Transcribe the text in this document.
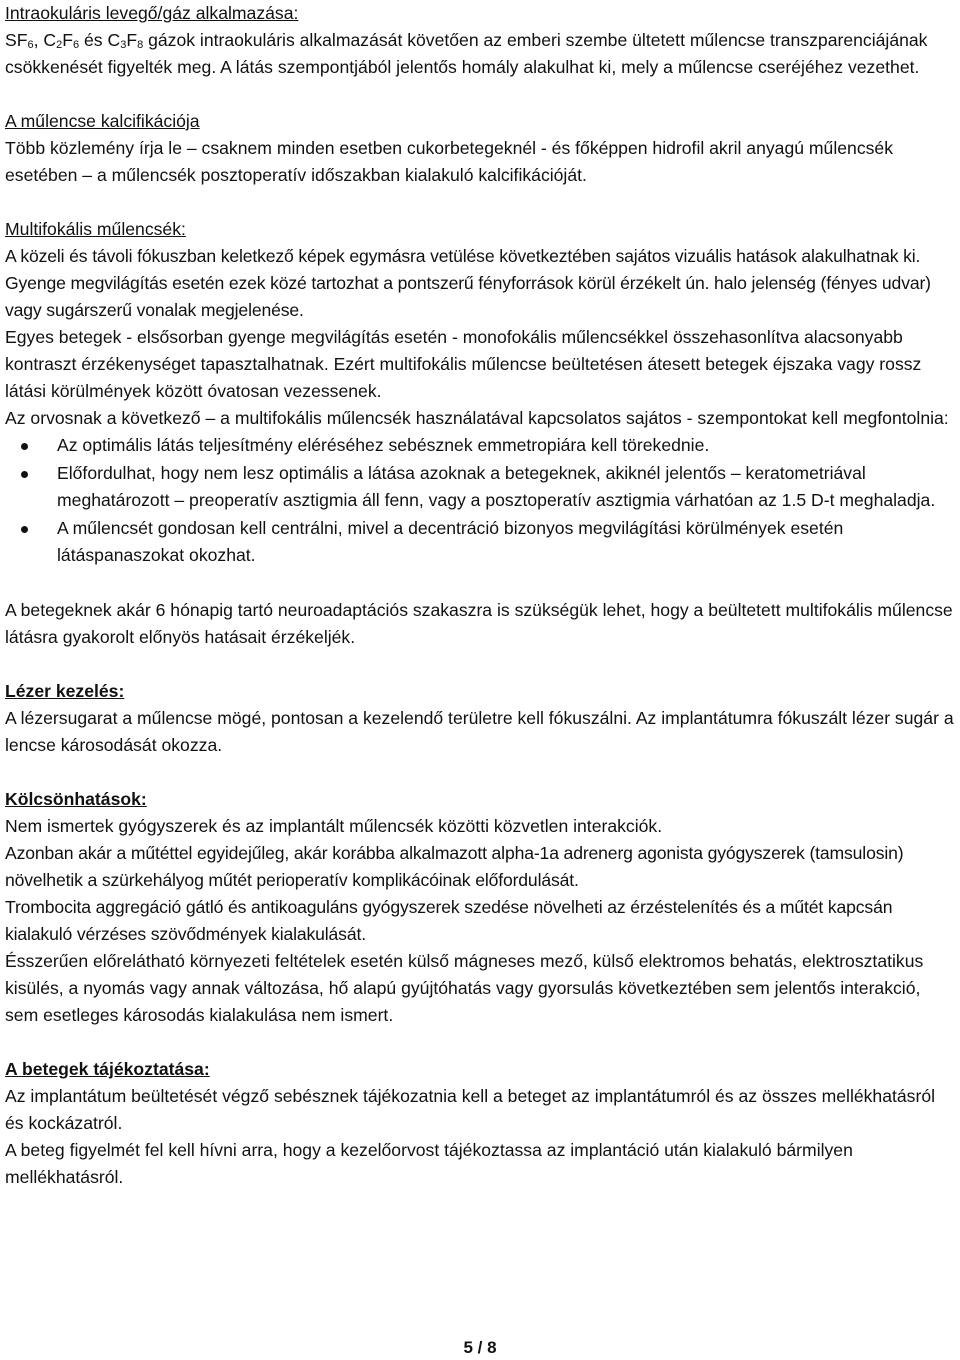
Intraokuláris levegő/gáz alkalmazása:
$SF_6$, $C_2F_6$ és $C_3F_8$ gázok intraokuláris alkalmazását követően az emberi szembe ültetett műlencse transzparenciájának csökkenését figyelték meg. A látás szempontjából jelentős homály alakulhat ki, mely a műlencse cseréjéhez vezethet.
A műlencse kalcifikációja
Több közlemény írja le – csaknem minden esetben cukorbetegeknél - és főképpen hidrofil akril anyagú műlencsék esetében – a műlencsék posztoperatív időszakban kialakuló kalcifikációját.
Multifokális műlencsék:
A közeli és távoli fókuszban keletkező képek egymásra vetülése következtében sajátos vizuális hatások alakulhatnak ki. Gyenge megvilágítás esetén ezek közé tartozhat a pontszerű fényforrások körül érzékelt ún. halo jelenség (fényes udvar) vagy sugárszerű vonalak megjelenése.
Egyes betegek - elsősorban gyenge megvilágítás esetén - monofokális műlencsékkel összehasonlítva alacsonyabb kontraszt érzékenységet tapasztalhatnak. Ezért multifokális műlencse beültetésen átesett betegek éjszaka vagy rossz látási körülmények között óvatosan vezessenek.
Az orvosnak a következő – a multifokális műlencsék használatával kapcsolatos sajátos - szempontokat kell megfontolnia:
Az optimális látás teljesítmény eléréséhez sebésznek emmetropiára kell törekednie.
Előfordulhat, hogy nem lesz optimális a látása azoknak a betegeknek, akiknél jelentős – keratometriával meghatározott – preoperatív asztigmia áll fenn, vagy a posztoperatív asztigmia várhatóan az 1.5 D-t meghaladja.
A műlencsét gondosan kell centrálni, mivel a decentráció bizonyos megvilágítási körülmények esetén látáspanaszokat okozhat.
A betegeknek akár 6 hónapig tartó neuroadaptációs szakaszra is szükségük lehet, hogy a beültetett multifokális műlencse látásra gyakorolt előnyös hatásait érzékeljék.
Lézer kezelés:
A lézersugarat a műlencse mögé, pontosan a kezelendő területre kell fókuszálni. Az implantátumra fókuszált lézer sugár a lencse károsodását okozza.
Kölcsönhatások:
Nem ismertek gyógyszerek és az implantált műlencsék közötti közvetlen interakciók.
Azonban akár a műtéttel egyidejűleg, akár korábba alkalmazott alpha-1a adrenerg agonista gyógyszerek (tamsulosin) növelhetik a szürkehályog műtét perioperatív komplikácóinak előfordulását.
Trombocita aggregáció gátló és antikoaguláns gyógyszerek szedése növelheti az érzéstelenítés és a műtét kapcsán kialakuló vérzéses szövődmények kialakulását.
Ésszerűen előrelátható környezeti feltételek esetén külső mágneses mező, külső elektromos behatás, elektrosztatikus kisülés, a nyomás vagy annak változása, hő alapú gyújtóhatás vagy gyorsulás következtében sem jelentős interakció, sem esetleges károsodás kialakulása nem ismert.
A betegek tájékoztatása:
Az implantátum beültetését végző sebésznek tájékozatnia kell a beteget az implantátumról és az összes mellékhatásról és kockázatról.
A beteg figyelmét fel kell hívni arra, hogy a kezelőorvost tájékoztassa az implantáció után kialakuló bármilyen mellékhatásról.
5 / 8
